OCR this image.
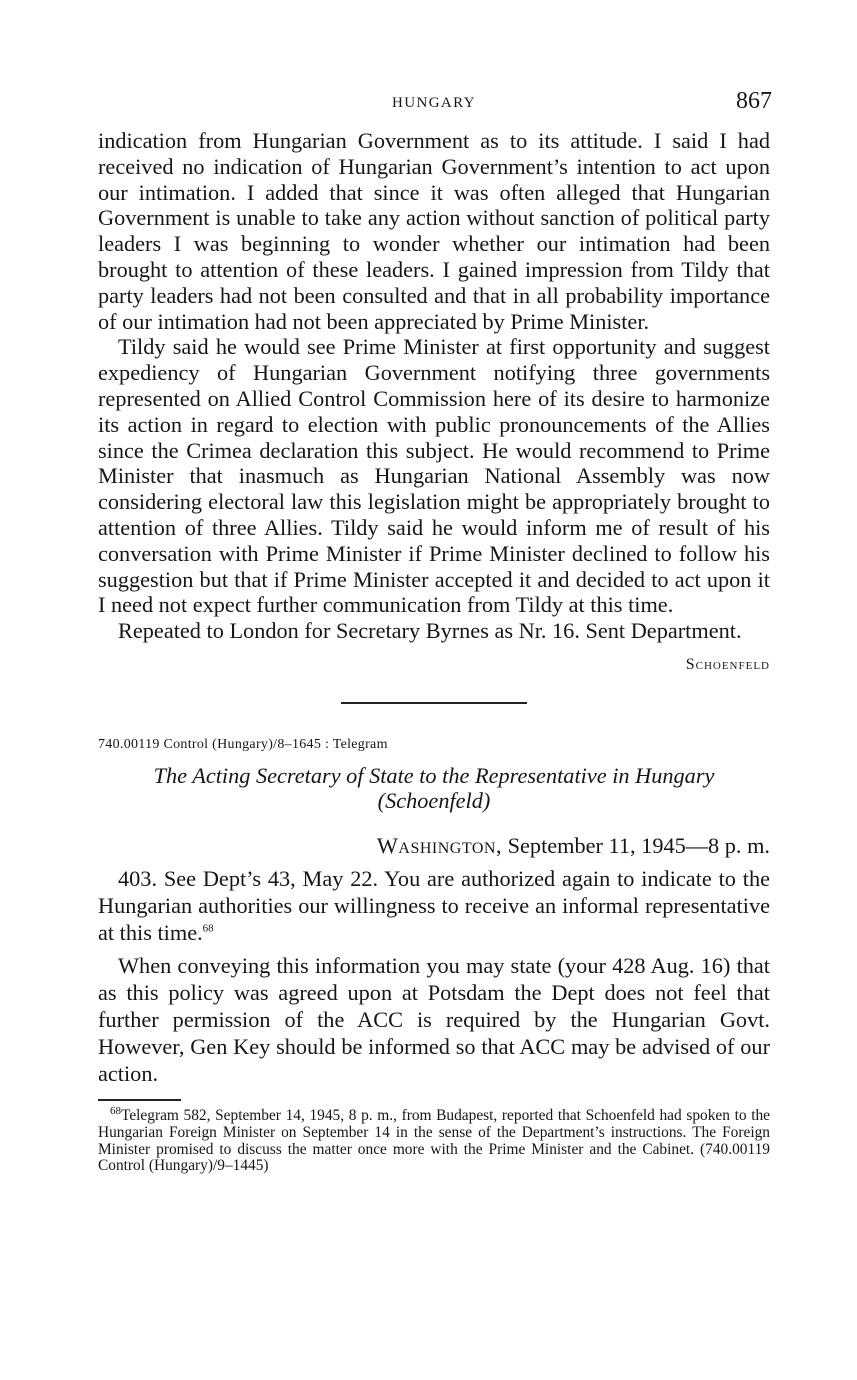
HUNGARY	867

indication from Hungarian Government as to its attitude. I said I had received no indication of Hungarian Government’s intention to act upon our intimation. I added that since it was often alleged that Hungarian Government is unable to take any action without sanction of political party leaders I was beginning to wonder whether our intimation had been brought to attention of these leaders. I gained impression from Tildy that party leaders had not been consulted and that in all probability importance of our intimation had not been appreciated by Prime Minister.

Tildy said he would see Prime Minister at first opportunity and suggest expediency of Hungarian Government notifying three governments represented on Allied Control Commission here of its desire to harmonize its action in regard to election with public pronouncements of the Allies since the Crimea declaration this subject. He would recommend to Prime Minister that inasmuch as Hungarian National Assembly was now considering electoral law this legislation might be appropriately brought to attention of three Allies. Tildy said he would inform me of result of his conversation with Prime Minister if Prime Minister declined to follow his suggestion but that if Prime Minister accepted it and decided to act upon it I need not expect further communication from Tildy at this time.

Repeated to London for Secretary Byrnes as Nr. 16. Sent Department.

Schoenfeld
740.00119 Control (Hungary)/8–1645 : Telegram
The Acting Secretary of State to the Representative in Hungary (Schoenfeld)
Washington, September 11, 1945—8 p. m.

403. See Dept’s 43, May 22. You are authorized again to indicate to the Hungarian authorities our willingness to receive an informal representative at this time.$^{68}$

When conveying this information you may state (your 428 Aug. 16) that as this policy was agreed upon at Potsdam the Dept does not feel that further permission of the ACC is required by the Hungarian Govt. However, Gen Key should be informed so that ACC may be advised of our action.

$^{68}$Telegram 582, September 14, 1945, 8 p. m., from Budapest, reported that Schoenfeld had spoken to the Hungarian Foreign Minister on September 14 in the sense of the Department’s instructions. The Foreign Minister promised to discuss the matter once more with the Prime Minister and the Cabinet. (740.00119 Control (Hungary)/9–1445)
